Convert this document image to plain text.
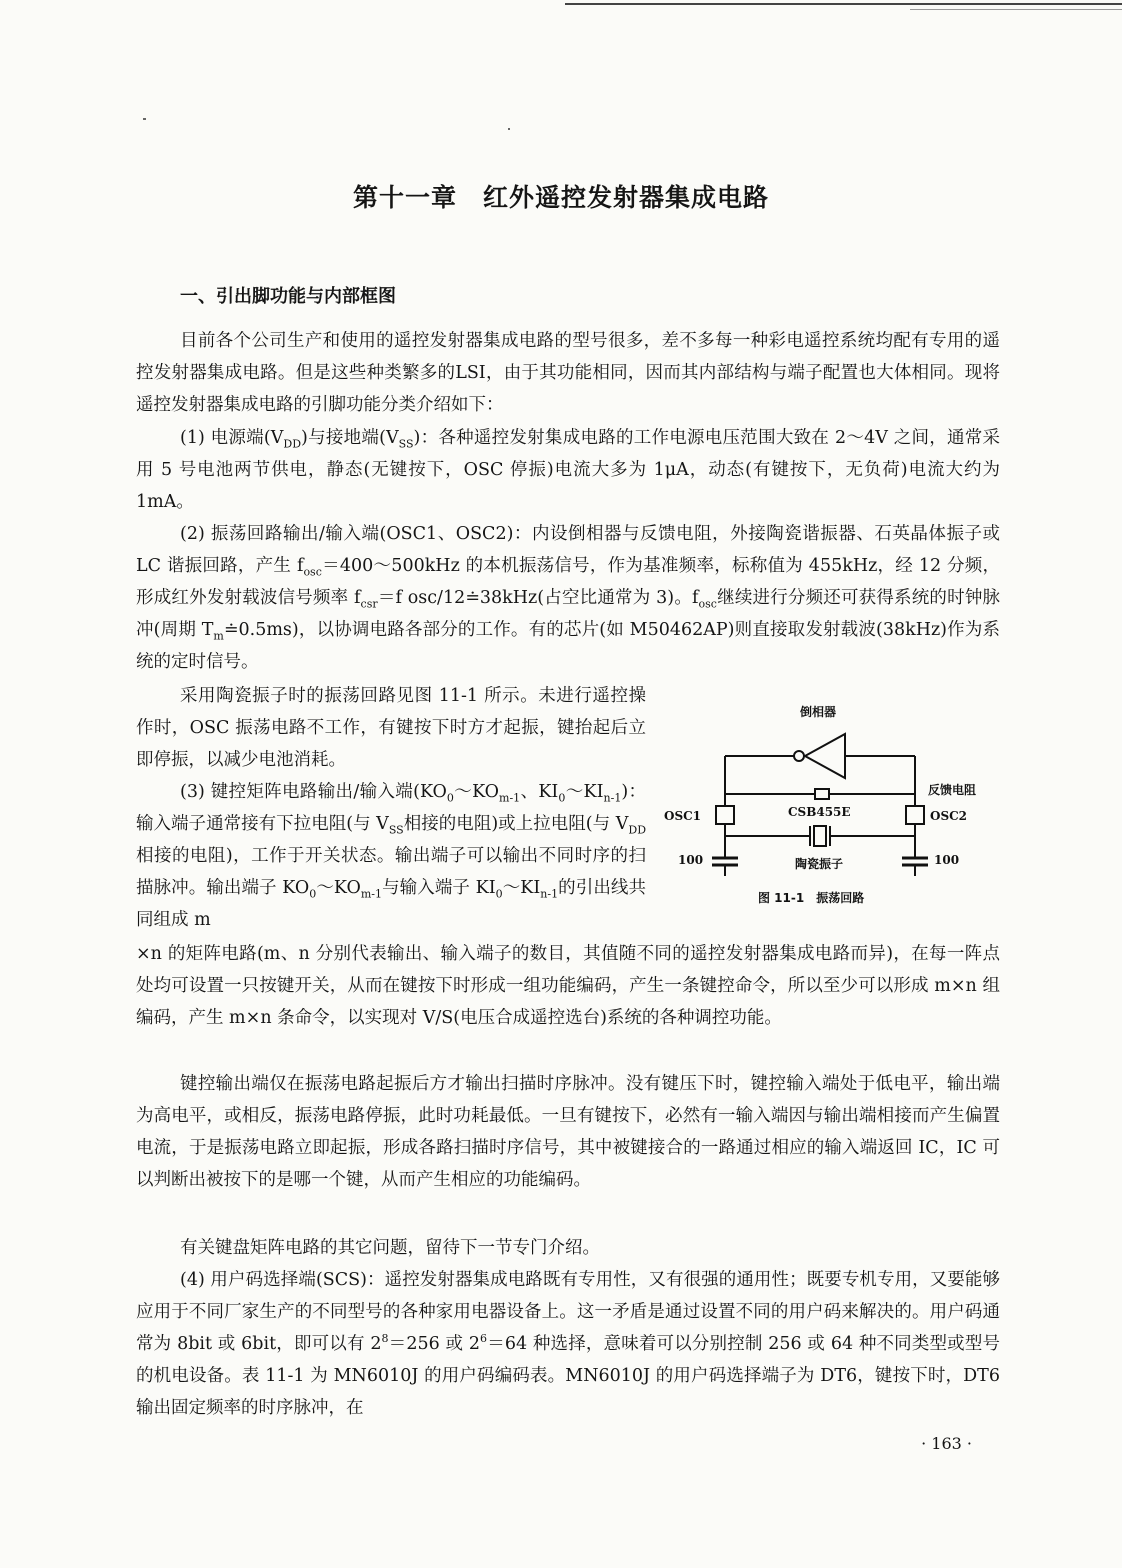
第十一章　红外遥控发射器集成电路
一、引出脚功能与内部框图

目前各个公司生产和使用的遥控发射器集成电路的型号很多，差不多每一种彩电遥控系统均配有专用的遥控发射器集成电路。但是这些种类繁多的LSI，由于其功能相同，因而其内部结构与端子配置也大体相同。现将遥控发射器集成电路的引脚功能分类介绍如下：

(1) 电源端$(V_{DD})$与接地端$(V_{SS})$：各种遥控发射集成电路的工作电源电压范围大致在 2～4V 之间，通常采用 5 号电池两节供电，静态(无键按下，OSC 停振)电流大多为 1μA，动态(有键按下，无负荷)电流大约为 1mA。

(2) 振荡回路输出/输入端(OSC1、OSC2)：内设倒相器与反馈电阻，外接陶瓷谐振器、石英晶体振子或 LC 谐振回路，产生 $f_{osc}=400\sim 500kHz$ 的本机振荡信号，作为基准频率，标称值为 455kHz，经 12 分频，形成红外发射载波信号频率 $f_{csr}=f$ osc/12≐38kHz(占空比通常为 3)。$f_{osc}$继续进行分频还可获得系统的时钟脉冲(周期 $T_m≐0.5ms$)，以协调电路各部分的工作。有的芯片(如 M50462AP)则直接取发射载波(38kHz)作为系统的定时信号。

采用陶瓷振子时的振荡回路见图 11-1 所示。未进行遥控操作时，OSC 振荡电路不工作，有键按下时方才起振，键抬起后立即停振，以减少电池消耗。

(3) 键控矩阵电路输出/输入端($KO_0\sim KO_{m-1}$、$KI_0\sim KI_{n-1}$)：输入端子通常接有下拉电阻(与 $V_{SS}$相接的电阻)或上拉电阻(与 $V_{DD}$相接的电阻)，工作于开关状态。输出端子可以输出不同时序的扫描脉冲。输出端子 $KO_0\sim KO_{m-1}$与输入端子 $KI_0\sim KI_{n-1}$的引出线共同组成 m

×n 的矩阵电路(m、n 分别代表输出、输入端子的数目，其值随不同的遥控发射器集成电路而异)，在每一阵点处均可设置一只按键开关，从而在键按下时形成一组功能编码，产生一条键控命令，所以至少可以形成 m×n 组编码，产生 m×n 条命令，以实现对 V/S(电压合成遥控选台)系统的各种调控功能。

键控输出端仅在振荡电路起振后方才输出扫描时序脉冲。没有键压下时，键控输入端处于低电平，输出端为高电平，或相反，振荡电路停振，此时功耗最低。一旦有键按下，必然有一输入端因与输出端相接而产生偏置电流，于是振荡电路立即起振，形成各路扫描时序信号，其中被键接合的一路通过相应的输入端返回 IC，IC 可以判断出被按下的是哪一个键，从而产生相应的功能编码。

有关键盘矩阵电路的其它问题，留待下一节专门介绍。

(4) 用户码选择端(SCS)：遥控发射器集成电路既有专用性，又有很强的通用性；既要专机专用，又要能够应用于不同厂家生产的不同型号的各种家用电器设备上。这一矛盾是通过设置不同的用户码来解决的。用户码通常为 8bit 或 6bit，即可以有 $2^8=256$ 或 $2^6=64$ 种选择，意味着可以分别控制 256 或 64 种不同类型或型号的机电设备。表 11-1 为 MN6010J 的用户码编码表。MN6010J 的用户码选择端子为 DT6，键按下时，DT6 输出固定频率的时序脉冲，在

倒相器
反馈电阻
OSC1	OSC2
CSB455E
100	100
陶瓷振子
图 11-1　振荡回路
· 163 ·
